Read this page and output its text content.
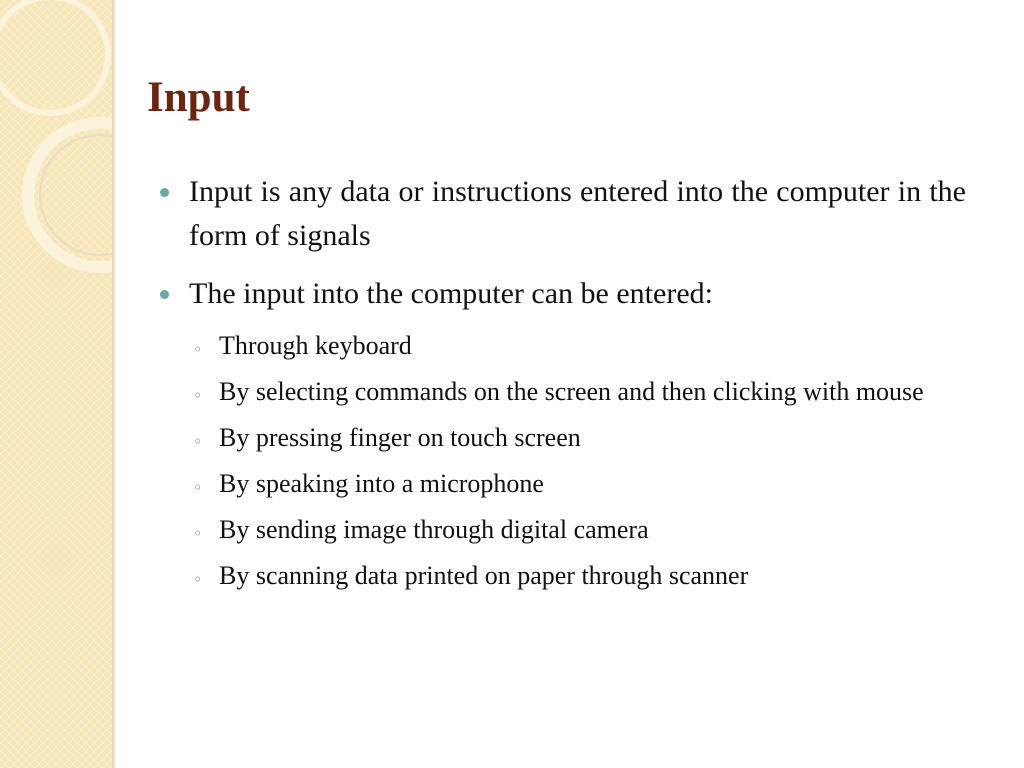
Input
Input is any data or instructions entered into the computer in the form of signals
The input into the computer can be entered:
◦ Through keyboard
◦ By selecting commands on the screen and then clicking with mouse
◦ By pressing finger on touch screen
◦ By speaking into a microphone
◦ By sending image through digital camera
◦ By scanning data printed on paper through scanner
